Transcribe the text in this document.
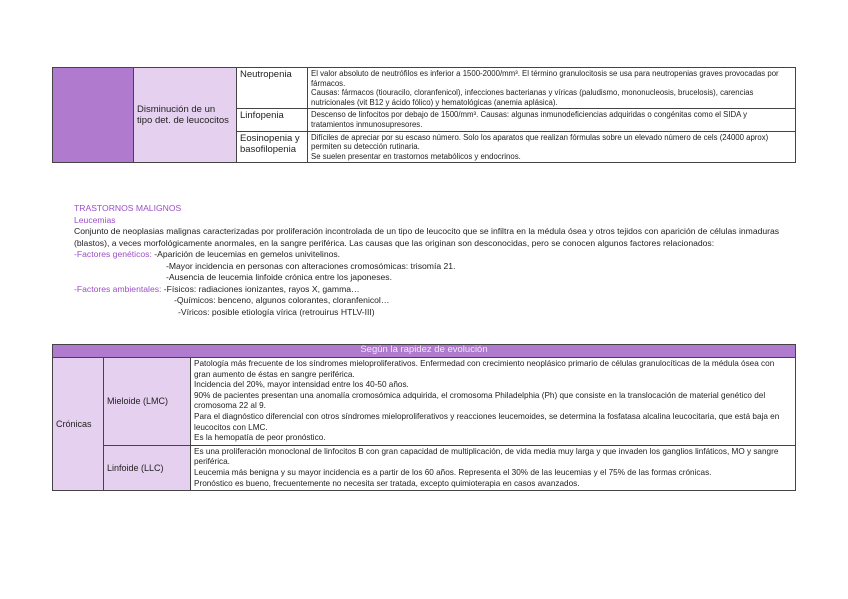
	Disminución de un tipo det. de leucocitos	Neutropenia	El valor absoluto de neutrófilos es inferior a 1500-2000/mm³. El término granulocitosis se usa para neutropenias graves provocadas por fármacos.

Causas: fármacos (tiouracilo, cloranfenicol), infecciones bacterianas y víricas (paludismo, mononucleosis, brucelosis), carencias nutricionales (vit B12 y ácido fólico) y hematológicas (anemia aplásica).

		Linfopenia	Descenso de linfocitos por debajo de 1500/mm³. Causas: algunas inmunodeficiencias adquiridas o congénitas como el SIDA y tratamientos inmunosupresores.

		Eosinopenia y basofilopenia	Difíciles de apreciar por su escaso número. Solo los aparatos que realizan fórmulas sobre un elevado número de cels (24000 aprox) permiten su detección rutinaria.

Se suelen presentar en trastornos metabólicos y endocrinos.

TRASTORNOS MALIGNOS

Leucemias

Conjunto de neoplasias malignas caracterizadas por proliferación incontrolada de un tipo de leucocito que se infiltra en la médula ósea y otros tejidos con aparición de células inmaduras (blastos), a veces morfológicamente anormales, en la sangre periférica. Las causas que las originan son desconocidas, pero se conocen algunos factores relacionados:

-Factores genéticos: -Aparición de leucemias en gemelos univitelinos.

-Mayor incidencia en personas con alteraciones cromosómicas: trisomía 21.

-Ausencia de leucemia linfoide crónica entre los japoneses.

-Factores ambientales: -Físicos: radiaciones ionizantes, rayos X, gamma…

-Químicos: benceno, algunos colorantes, cloranfenicol…

-Víricos: posible etiología vírica (retrouirus HTLV-III)

Según la rapidez de evolución		
Crónicas	Mieloide (LMC)	Patología más frecuente de los síndromes mieloproliferativos. Enfermedad con crecimiento neoplásico primario de células granulocíticas de la médula ósea con gran aumento de éstas en sangre periférica.

Incidencia del 20%, mayor intensidad entre los 40-50 años.

90% de pacientes presentan una anomalía cromosómica adquirida, el cromosoma Philadelphia (Ph) que consiste en la translocación de material genético del cromosoma 22 al 9.

Para el diagnóstico diferencial con otros síndromes mieloproliferativos y reacciones leucemoides, se determina la fosfatasa alcalina leucocitaria, que está baja en leucocitos con LMC.

Es la hemopatía de peor pronóstico.

	Linfoide (LLC)	Es una proliferación monoclonal de linfocitos B con gran capacidad de multiplicación, de vida media muy larga y que invaden los ganglios linfáticos, MO y sangre periférica.

Leucemia más benigna y su mayor incidencia es a partir de los 60 años. Representa el 30% de las leucemias y el 75% de las formas crónicas.

Pronóstico es bueno, frecuentemente no necesita ser tratada, excepto quimioterapia en casos avanzados.
